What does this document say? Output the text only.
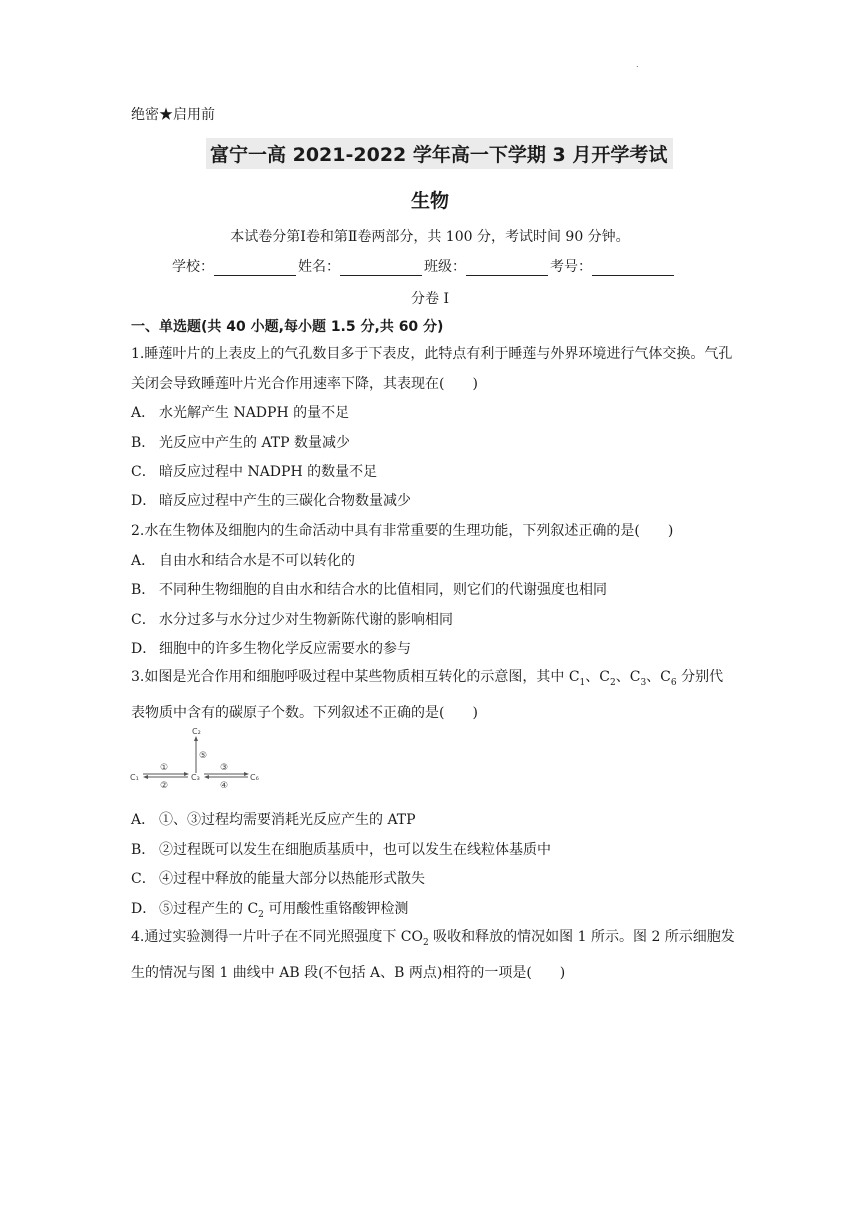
.
绝密★启用前
富宁一高 2021-2022 学年高一下学期 3 月开学考试
生物
本试卷分第Ⅰ卷和第Ⅱ卷两部分，共 100 分，考试时间 90 分钟。
学校：	姓名：	班级：	考号：
分卷 I
一、单选题(共 40 小题,每小题 1.5 分,共 60 分)
1.睡莲叶片的上表皮上的气孔数目多于下表皮，此特点有利于睡莲与外界环境进行气体交换。气孔关闭会导致睡莲叶片光合作用速率下降，其表现在(　　)
A． 水光解产生 NADPH 的量不足
B． 光反应中产生的 ATP 数量减少
C． 暗反应过程中 NADPH 的数量不足
D． 暗反应过程中产生的三碳化合物数量减少
2.水在生物体及细胞内的生命活动中具有非常重要的生理功能，下列叙述正确的是(　　)
A． 自由水和结合水是不可以转化的
B． 不同种生物细胞的自由水和结合水的比值相同，则它们的代谢强度也相同
C． 水分过多与水分过少对生物新陈代谢的影响相同
D． 细胞中的许多生物化学反应需要水的参与
3.如图是光合作用和细胞呼吸过程中某些物质相互转化的示意图，其中 $C_1$、$C_2$、$C_3$、$C_6$ 分别代表物质中含有的碳原子个数。下列叙述不正确的是(　　)
C₂
⑤
C₁	C₃	C₆
①
②
③
④
A． ①、③过程均需要消耗光反应产生的 ATP
B． ②过程既可以发生在细胞质基质中，也可以发生在线粒体基质中
C． ④过程中释放的能量大部分以热能形式散失
D． ⑤过程产生的 $C_2$ 可用酸性重铬酸钾检测
4.通过实验测得一片叶子在不同光照强度下 $CO_2$ 吸收和释放的情况如图 1 所示。图 2 所示细胞发生的情况与图 1 曲线中 AB 段(不包括 A、B 两点)相符的一项是(　　)
